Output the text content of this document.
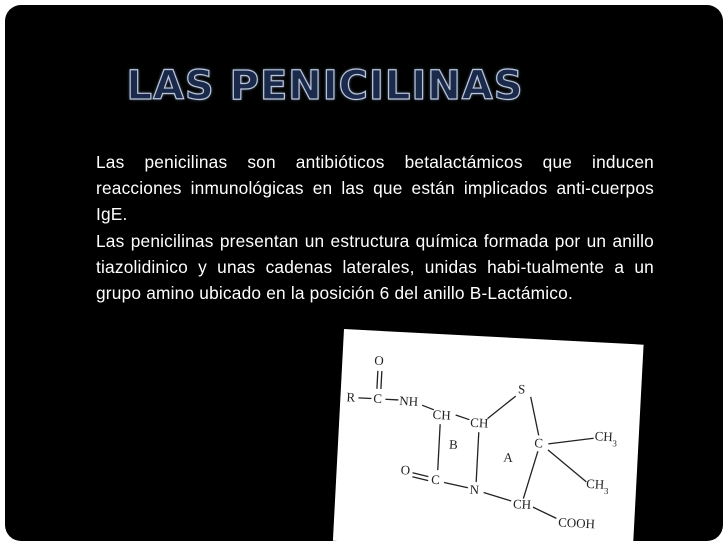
LAS PENICILINAS

Las penicilinas son antibióticos betalactámicos que inducen reacciones inmunológicas en las que están implicados anti-cuerpos IgE.

Las penicilinas presentan un estructura química formada por un anillo tiazolidinico y unas cadenas laterales, unidas habi-tualmente a un grupo amino ubicado en la posición 6 del anillo B-Lactámico.

O
R C NH
CH
CH
S
B
A
C	$CH_3$
$CH_3$
O
C
N
CH
COOH
